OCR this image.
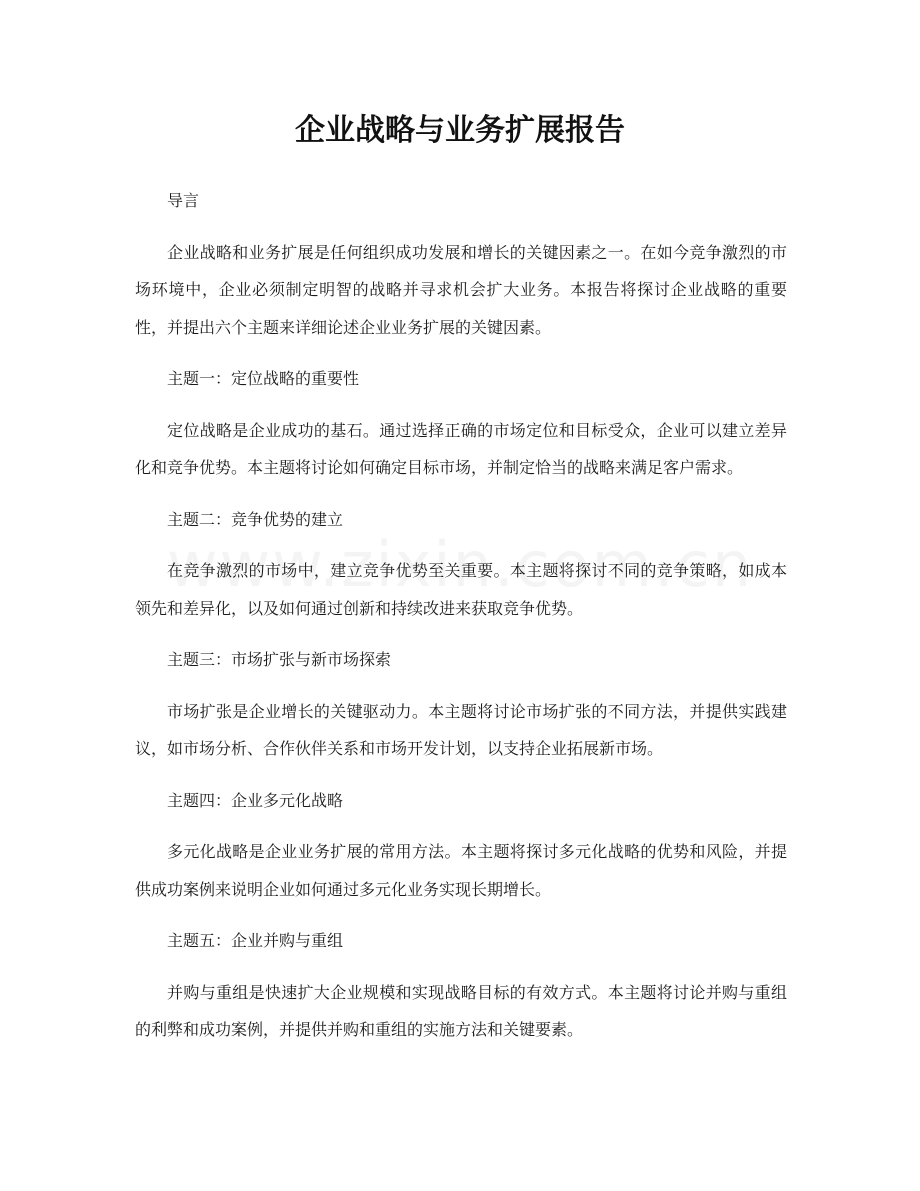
企业战略与业务扩展报告

导言

企业战略和业务扩展是任何组织成功发展和增长的关键因素之一。在如今竞争激烈的市场环境中，企业必须制定明智的战略并寻求机会扩大业务。本报告将探讨企业战略的重要性，并提出六个主题来详细论述企业业务扩展的关键因素。

主题一：定位战略的重要性

定位战略是企业成功的基石。通过选择正确的市场定位和目标受众，企业可以建立差异化和竞争优势。本主题将讨论如何确定目标市场，并制定恰当的战略来满足客户需求。

主题二：竞争优势的建立

在竞争激烈的市场中，建立竞争优势至关重要。本主题将探讨不同的竞争策略，如成本领先和差异化，以及如何通过创新和持续改进来获取竞争优势。

主题三：市场扩张与新市场探索

市场扩张是企业增长的关键驱动力。本主题将讨论市场扩张的不同方法，并提供实践建议，如市场分析、合作伙伴关系和市场开发计划，以支持企业拓展新市场。

主题四：企业多元化战略

多元化战略是企业业务扩展的常用方法。本主题将探讨多元化战略的优势和风险，并提供成功案例来说明企业如何通过多元化业务实现长期增长。

主题五：企业并购与重组

并购与重组是快速扩大企业规模和实现战略目标的有效方式。本主题将讨论并购与重组的利弊和成功案例，并提供并购和重组的实施方法和关键要素。
